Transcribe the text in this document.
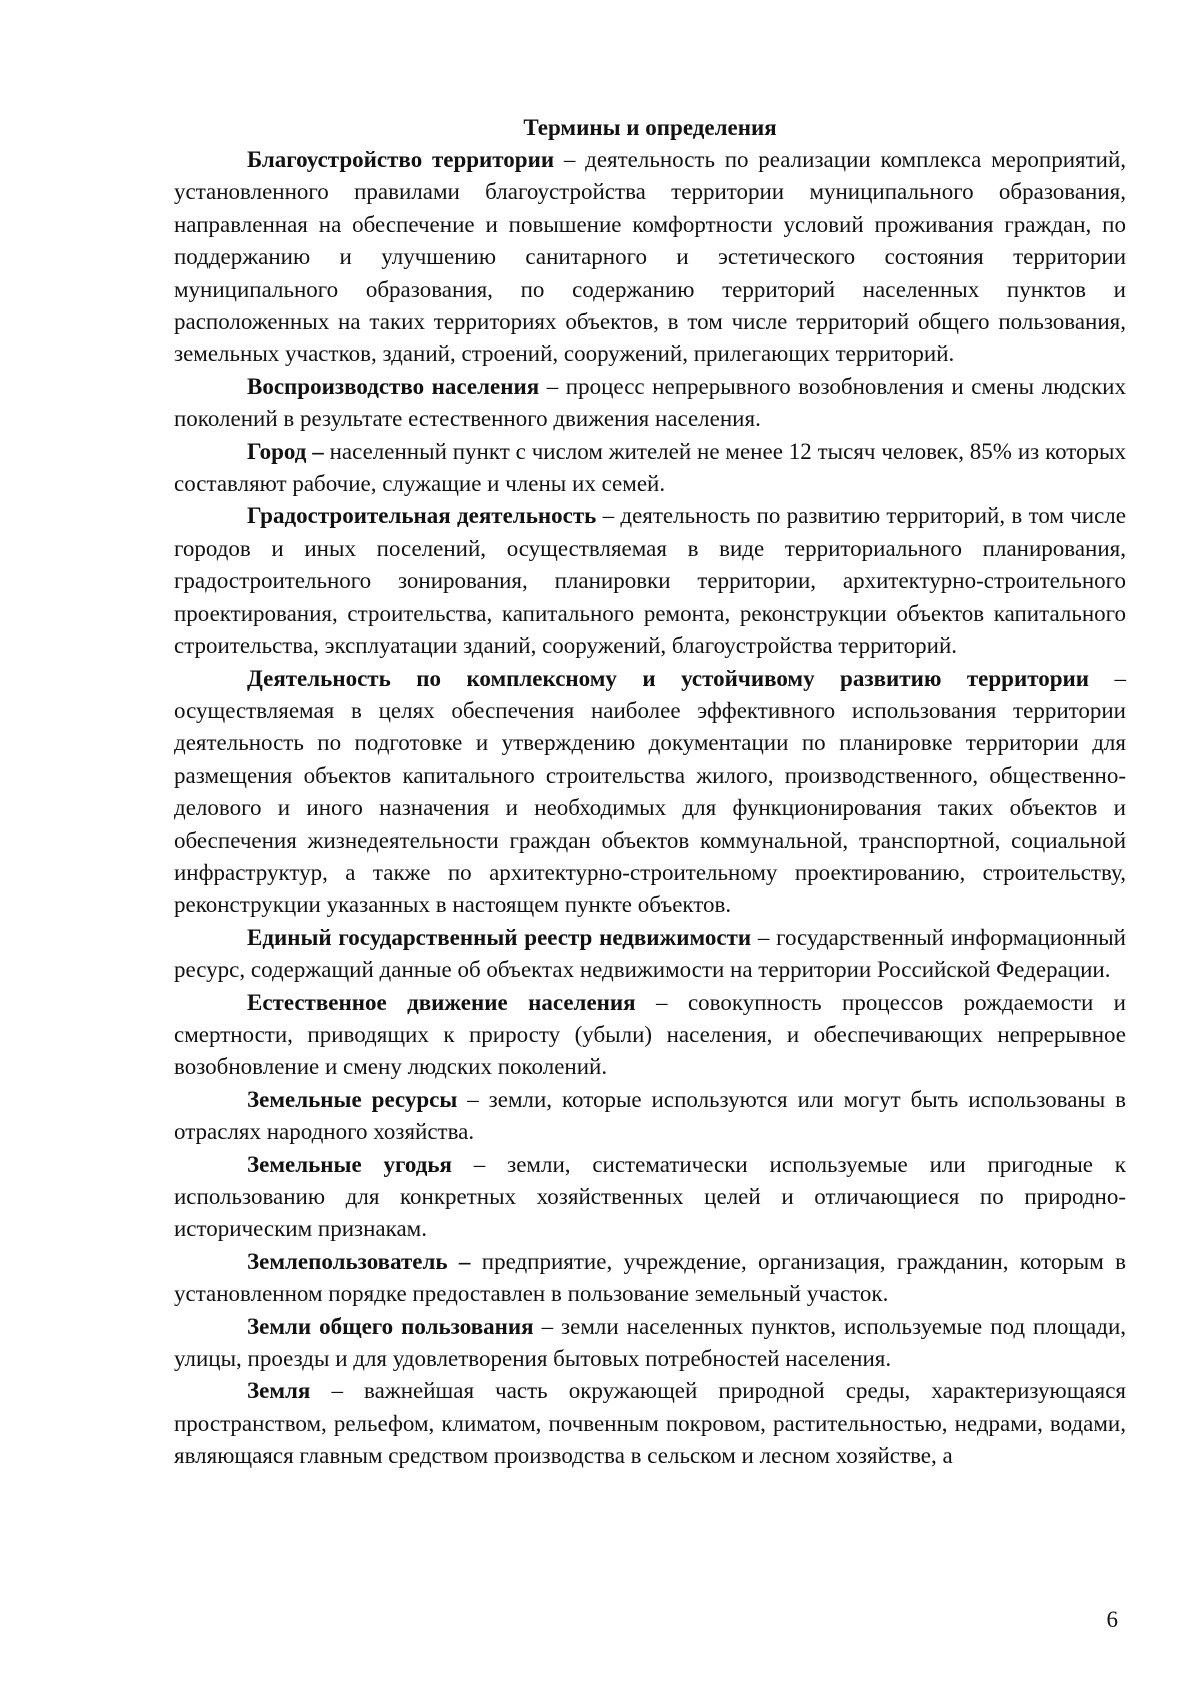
Термины и определения

Благоустройство территории – деятельность по реализации комплекса мероприятий, установленного правилами благоустройства территории муниципального образования, направленная на обеспечение и повышение комфортности условий проживания граждан, по поддержанию и улучшению санитарного и эстетического состояния территории муниципального образования, по содержанию территорий населенных пунктов и расположенных на таких территориях объектов, в том числе территорий общего пользования, земельных участков, зданий, строений, сооружений, прилегающих территорий.

Воспроизводство населения – процесс непрерывного возобновления и смены людских поколений в результате естественного движения населения.

Город – населенный пункт с числом жителей не менее 12 тысяч человек, 85% из которых составляют рабочие, служащие и члены их семей.

Градостроительная деятельность – деятельность по развитию территорий, в том числе городов и иных поселений, осуществляемая в виде территориального планирования, градостроительного зонирования, планировки территории, архитектурно-строительного проектирования, строительства, капитального ремонта, реконструкции объектов капитального строительства, эксплуатации зданий, сооружений, благоустройства территорий.

Деятельность по комплексному и устойчивому развитию территории – осуществляемая в целях обеспечения наиболее эффективного использования территории деятельность по подготовке и утверждению документации по планировке территории для размещения объектов капитального строительства жилого, производственного, общественно-делового и иного назначения и необходимых для функционирования таких объектов и обеспечения жизнедеятельности граждан объектов коммунальной, транспортной, социальной инфраструктур, а также по архитектурно-строительному проектированию, строительству, реконструкции указанных в настоящем пункте объектов.

Единый государственный реестр недвижимости – государственный информационный ресурс, содержащий данные об объектах недвижимости на территории Российской Федерации.

Естественное движение населения – совокупность процессов рождаемости и смертности, приводящих к приросту (убыли) населения, и обеспечивающих непрерывное возобновление и смену людских поколений.

Земельные ресурсы – земли, которые используются или могут быть использованы в отраслях народного хозяйства.

Земельные угодья – земли, систематически используемые или пригодные к использованию для конкретных хозяйственных целей и отличающиеся по природно-историческим признакам.

Землепользователь – предприятие, учреждение, организация, гражданин, которым в установленном порядке предоставлен в пользование земельный участок.

Земли общего пользования – земли населенных пунктов, используемые под площади, улицы, проезды и для удовлетворения бытовых потребностей населения.

Земля – важнейшая часть окружающей природной среды, характеризующаяся пространством, рельефом, климатом, почвенным покровом, растительностью, недрами, водами, являющаяся главным средством производства в сельском и лесном хозяйстве, а

6
